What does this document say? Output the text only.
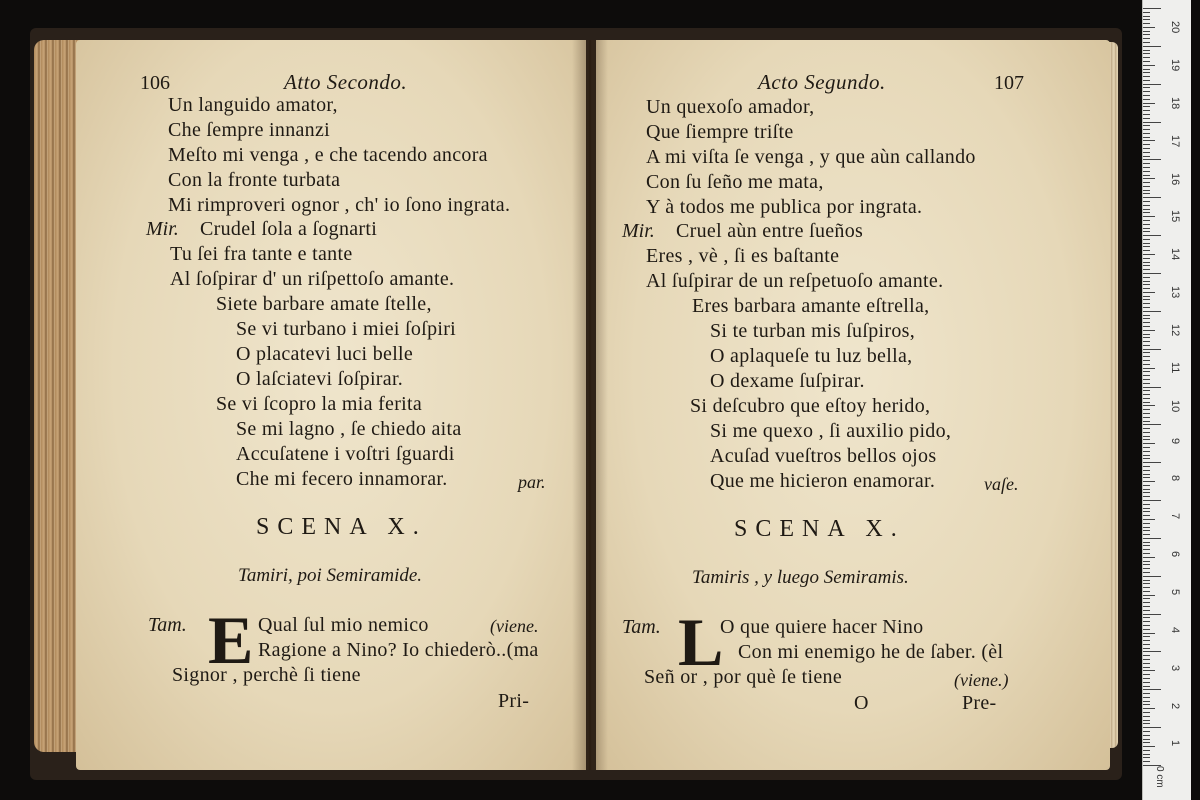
106	Atto Secondo.
Un languido amator,
Che ſempre innanzi
Meſto mi venga , e che tacendo ancora
Con la fronte turbata
Mi rimproveri ognor , ch' io ſono ingrata.
Mir. Crudel ſola a ſognarti
Tu ſei fra tante e tante
Al ſoſpirar d' un riſpettoſo amante.
Siete barbare amate ſtelle,
Se vi turbano i miei ſoſpiri
O placatevi luci belle
O laſciatevi ſoſpirar.
Se vi ſcopro la mia ferita
Se mi lagno , ſe chiedo aita
Accuſatene i voſtri ſguardi
Che mi fecero innamorar.	par.
SCENA X.
Tamiri, poi Semiramide.
Tam. E Qual ſul mio nemico	(viene.
Ragione a Nino? Io chiederò..(ma
Signor , perchè ſi tiene
Pri-
Acto Segundo.	107
Un quexoſo amador,
Que ſiempre triſte
A mi viſta ſe venga , y que aùn callando
Con ſu ſeño me mata,
Y à todos me publica por ingrata.
Mir. Cruel aùn entre ſueños
Eres , vè , ſi es baſtante
Al ſuſpirar de un reſpetuoſo amante.
Eres barbara amante eſtrella,
Si te turban mis ſuſpiros,
O aplaqueſe tu luz bella,
O dexame ſuſpirar.
Si deſcubro que eſtoy herido,
Si me quexo , ſi auxilio pido,
Acuſad vueſtros bellos ojos
Que me hicieron enamorar.	vaſe.
SCENA X.
Tamiris , y luego Semiramis.
Tam. L
O que quiere hacer Nino
Con mi enemigo he de ſaber. (èl
Señ or , por què ſe tiene	(viene.)
O	Pre-
0 cm
20
19
18
17
16
15
14
13
12
11
10
9
8
7
6
5
4
3
2
1
